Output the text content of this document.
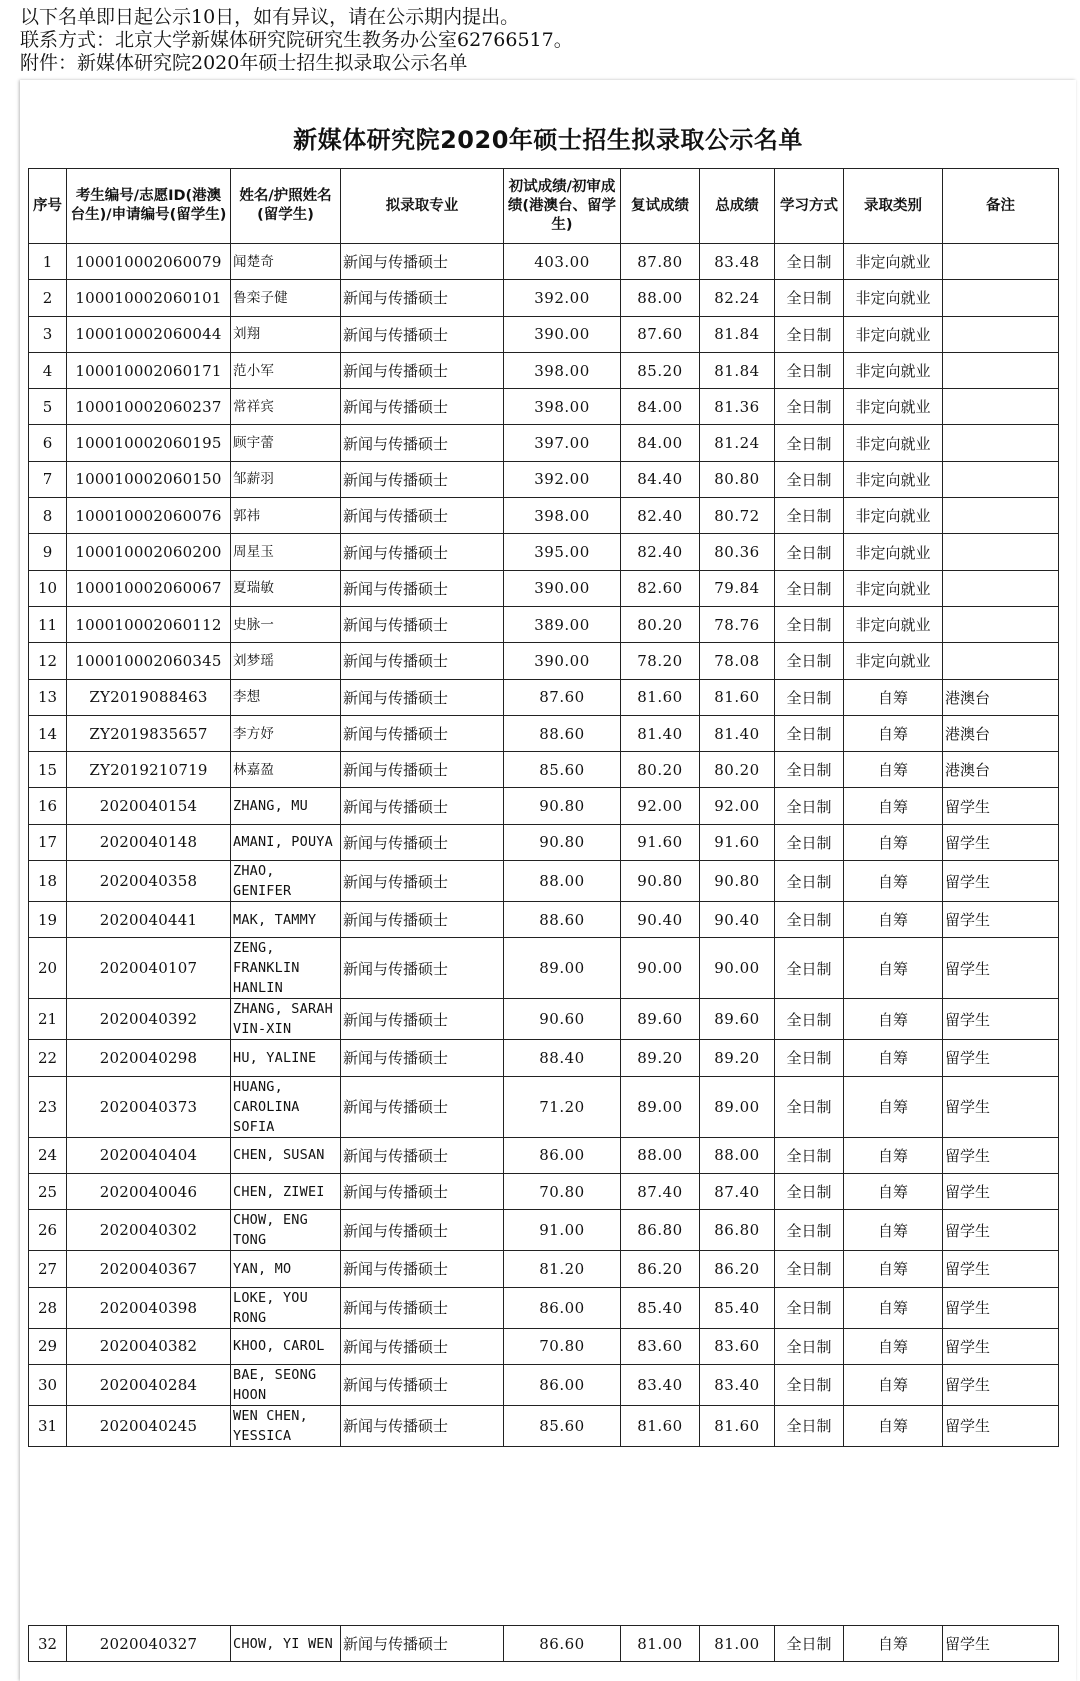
以下名单即日起公示10日，如有异议，请在公示期内提出。
联系方式：北京大学新媒体研究院研究生教务办公室62766517。
附件：新媒体研究院2020年硕士招生拟录取公示名单
新媒体研究院2020年硕士招生拟录取公示名单
序号	考生编号/志愿ID(港澳台生)/申请编号(留学生)	姓名/护照姓名(留学生)	拟录取专业	初试成绩/初审成绩(港澳台、留学生)	复试成绩	总成绩	学习方式	录取类别	备注
1	100010002060079	闻楚奇	新闻与传播硕士	403.00	87.80	83.48	全日制	非定向就业	
2	100010002060101	鲁栾子健	新闻与传播硕士	392.00	88.00	82.24	全日制	非定向就业	
3	100010002060044	刘翔	新闻与传播硕士	390.00	87.60	81.84	全日制	非定向就业	
4	100010002060171	范小军	新闻与传播硕士	398.00	85.20	81.84	全日制	非定向就业	
5	100010002060237	常祥宾	新闻与传播硕士	398.00	84.00	81.36	全日制	非定向就业	
6	100010002060195	顾宇蕾	新闻与传播硕士	397.00	84.00	81.24	全日制	非定向就业	
7	100010002060150	邹薪羽	新闻与传播硕士	392.00	84.40	80.80	全日制	非定向就业	
8	100010002060076	郭祎	新闻与传播硕士	398.00	82.40	80.72	全日制	非定向就业	
9	100010002060200	周星玉	新闻与传播硕士	395.00	82.40	80.36	全日制	非定向就业	
10	100010002060067	夏瑞敏	新闻与传播硕士	390.00	82.60	79.84	全日制	非定向就业	
11	100010002060112	史脉一	新闻与传播硕士	389.00	80.20	78.76	全日制	非定向就业	
12	100010002060345	刘梦瑶	新闻与传播硕士	390.00	78.20	78.08	全日制	非定向就业	
13	ZY2019088463	李想	新闻与传播硕士	87.60	81.60	81.60	全日制	自筹	港澳台
14	ZY2019835657	李方妤	新闻与传播硕士	88.60	81.40	81.40	全日制	自筹	港澳台
15	ZY2019210719	林嘉盈	新闻与传播硕士	85.60	80.20	80.20	全日制	自筹	港澳台
16	2020040154	ZHANG, MU	新闻与传播硕士	90.80	92.00	92.00	全日制	自筹	留学生
17	2020040148	AMANI, POUYA	新闻与传播硕士	90.80	91.60	91.60	全日制	自筹	留学生
18	2020040358	ZHAO,
GENIFER	新闻与传播硕士	88.00	90.80	90.80	全日制	自筹	留学生
19	2020040441	MAK, TAMMY	新闻与传播硕士	88.60	90.40	90.40	全日制	自筹	留学生
20	2020040107	ZENG,
FRANKLIN
HANLIN	新闻与传播硕士	89.00	90.00	90.00	全日制	自筹	留学生
21	2020040392	ZHANG, SARAH
VIN-XIN	新闻与传播硕士	90.60	89.60	89.60	全日制	自筹	留学生
22	2020040298	HU, YALINE	新闻与传播硕士	88.40	89.20	89.20	全日制	自筹	留学生
23	2020040373	HUANG,
CAROLINA
SOFIA	新闻与传播硕士	71.20	89.00	89.00	全日制	自筹	留学生
24	2020040404	CHEN, SUSAN	新闻与传播硕士	86.00	88.00	88.00	全日制	自筹	留学生
25	2020040046	CHEN, ZIWEI	新闻与传播硕士	70.80	87.40	87.40	全日制	自筹	留学生
26	2020040302	CHOW, ENG
TONG	新闻与传播硕士	91.00	86.80	86.80	全日制	自筹	留学生
27	2020040367	YAN, MO	新闻与传播硕士	81.20	86.20	86.20	全日制	自筹	留学生
28	2020040398	LOKE, YOU
RONG	新闻与传播硕士	86.00	85.40	85.40	全日制	自筹	留学生
29	2020040382	KHOO, CAROL	新闻与传播硕士	70.80	83.60	83.60	全日制	自筹	留学生
30	2020040284	BAE, SEONG
HOON	新闻与传播硕士	86.00	83.40	83.40	全日制	自筹	留学生
31	2020040245	WEN CHEN,
YESSICA	新闻与传播硕士	85.60	81.60	81.60	全日制	自筹	留学生
32	2020040327	CHOW, YI WEN	新闻与传播硕士	86.60	81.00	81.00	全日制	自筹	留学生
